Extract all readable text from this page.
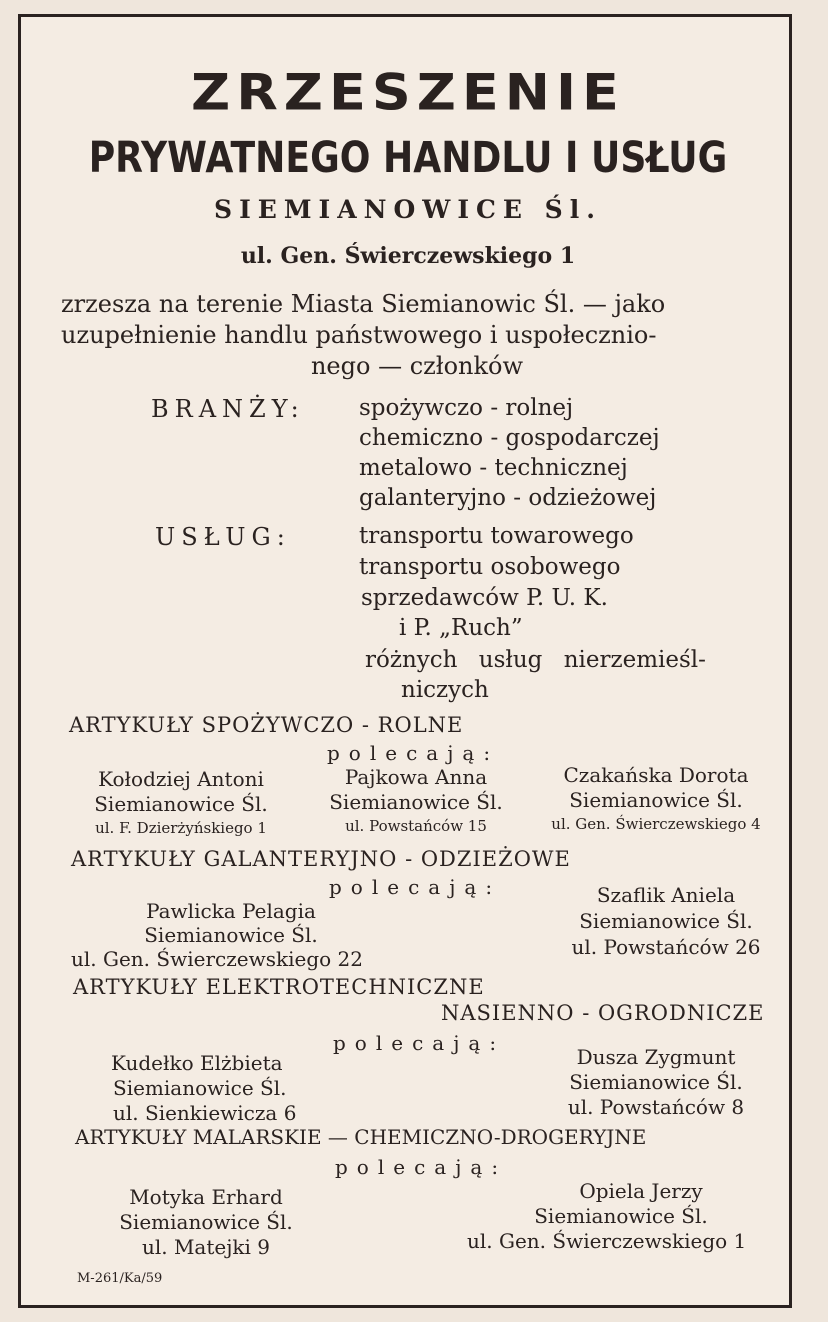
ZRZESZENIE
PRYWATNEGO HANDLU I USŁUG
SIEMIANOWICE Śl.
ul. Gen. Świerczewskiego 1
zrzesza na terenie Miasta Siemianowic Śl. — jako
uzupełnienie handlu państwowego i uspołeczniο-
nego — członków
BRANŻY: spożywczo - rolnej
chemiczno - gospodarczej
metalowo - technicznej
galanteryjno - odzieżowej
USŁUG:	transportu towarowego
transportu osobowego
sprzedawców P. U. K.
i P. „Ruch”
różnych usług nierzemieśl-
niczych
ARTYKUŁY SPOŻYWCZO - ROLNE
polecają:
Kołodziej Antoni
Siemianowice Śl.
ul. F. Dzierżyńskiego 1
Pajkowa Anna
Siemianowice Śl.
ul. Powstańców 15
Czakańska Dorota
Siemianowice Śl.
ul. Gen. Świerczewskiego 4
ARTYKUŁY GALANTERYJNO - ODZIEŻOWE
polecają:
Pawlicka Pelagia
Siemianowice Śl.
ul. Gen. Świerczewskiego 22
Szaflik Aniela
Siemianowice Śl.
ul. Powstańców 26
ARTYKUŁY ELEKTROTECHNICZNE
NASIENNO - OGRODNICZE
polecają:
Kudełko Elżbieta
Siemianowice Śl.
ul. Sienkiewicza 6
Dusza Zygmunt
Siemianowice Śl.
ul. Powstańców 8
ARTYKUŁY MALARSKIE — CHEMICZNO-DROGERYJNE
polecają:
Motyka Erhard
Siemianowice Śl.
ul. Matejki 9
Opiela Jerzy
Siemianowice Śl.
ul. Gen. Świerczewskiego 1
M-261/Ka/59
